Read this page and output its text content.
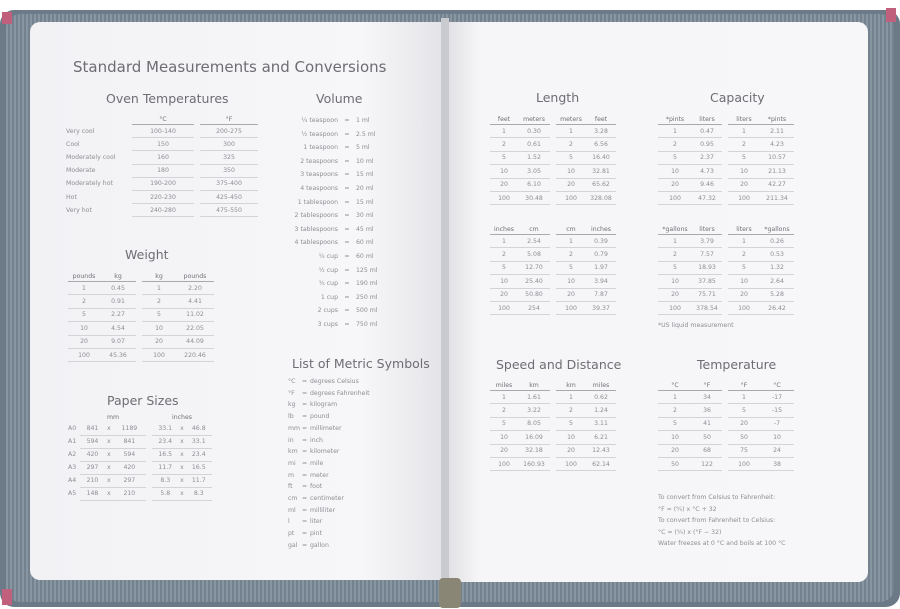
Standard Measurements and Conversions
Oven Temperatures
	°C		°F
Very cool	100-140		200-275
Cool	150		300
Moderately cool	160		325
Moderate	180		350
Moderately hot	190-200		375-400
Hot	220-230		425-450
Very hot	240-280		475-550
Weight
pounds	kg		kg	pounds
1	0.45		1	2.20
2	0.91		2	4.41
5	2.27		5	11.02
10	4.54		10	22.05
20	9.07		20	44.09
100	45.36		100	220.46
Paper Sizes
	mm				inches		
A0	841	x	1189		33.1	x	46.8
A1	594	x	841		23.4	x	33.1
A2	420	x	594		16.5	x	23.4
A3	297	x	420		11.7	x	16.5
A4	210	x	297		8.3	x	11.7
A5	148	x	210		5.8	x	8.3
Volume
¼ teaspoon = 1 ml
½ teaspoon = 2.5 ml
1 teaspoon = 5 ml
2 teaspoons = 10 ml
3 teaspoons = 15 ml
4 teaspoons = 20 ml
1 tablespoon = 15 ml
2 tablespoons = 30 ml
3 tablespoons = 45 ml
4 tablespoons = 60 ml
¼ cup = 60 ml
½ cup = 125 ml
¾ cup = 190 ml
1 cup = 250 ml
2 cups = 500 ml
3 cups = 750 ml
List of Metric Symbols
°C = degrees Celsius
°F = degrees Fahrenheit
kg = kilogram
lb = pound
mm = millimeter
in = inch
km = kilometer
mi = mile
m = meter
ft = foot
cm = centimeter
ml = milliliter
l = liter
pt = pint
gal = gallon
Length
feet	meters		meters	feet
1	0.30		1	3.28
2	0.61		2	6.56
5	1.52		5	16.40
10	3.05		10	32.81
20	6.10		20	65.62
100	30.48		100	328.08
inches	cm		cm	inches
1	2.54		1	0.39
2	5.08		2	0.79
5	12.70		5	1.97
10	25.40		10	3.94
20	50.80		20	7.87
100	254		100	39.37
Capacity
*pints	liters		liters	*pints
1	0.47		1	2.11
2	0.95		2	4.23
5	2.37		5	10.57
10	4.73		10	21.13
20	9.46		20	42.27
100	47.32		100	211.34
*gallons	liters		liters	*gallons
1	3.79		1	0.26
2	7.57		2	0.53
5	18.93		5	1.32
10	37.85		10	2.64
20	75.71		20	5.28
100	378.54		100	26.42
*US liquid measurement
Speed and Distance
miles	km		km	miles
1	1.61		1	0.62
2	3.22		2	1.24
5	8.05		5	3.11
10	16.09		10	6.21
20	32.18		20	12.43
100	160.93		100	62.14
Temperature
°C	°F		°F	°C
1	34		1	-17
2	36		5	-15
5	41		20	-7
10	50		50	10
20	68		75	24
50	122		100	38
To convert from Celsius to Fahrenheit:
°F = (⁹⁄₅) x °C + 32
To convert from Fahrenheit to Celsius:
°C = (⁵⁄₉) x (°F − 32)
Water freezes at 0 °C and boils at 100 °C
